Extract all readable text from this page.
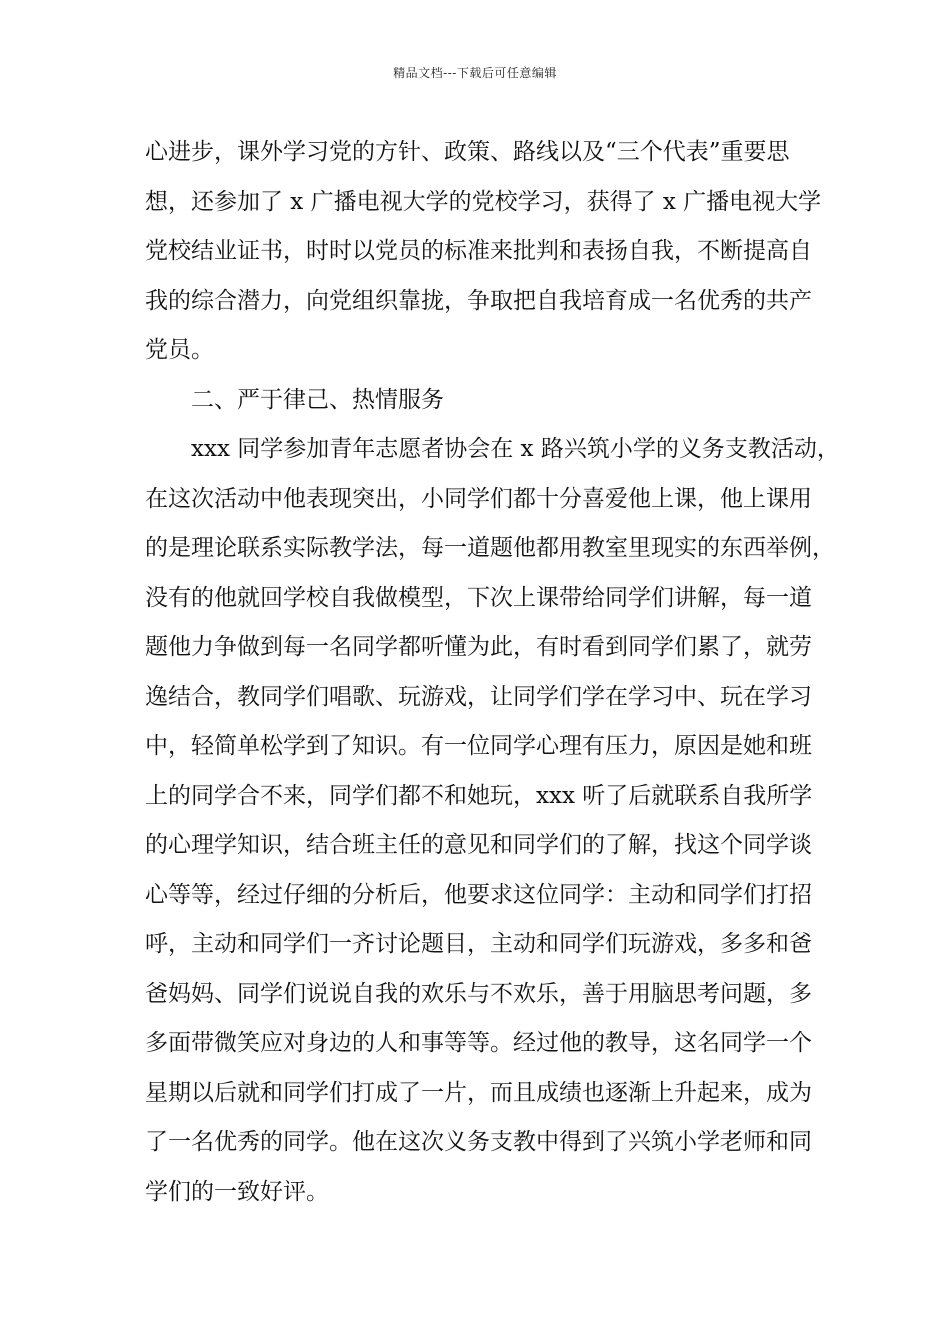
精品文档---下载后可任意编辑
心进步，课外学习党的方针、政策、路线以及“三个代表”重要思
想，还参加了 x 广播电视大学的党校学习，获得了 x 广播电视大学
党校结业证书，时时以党员的标准来批判和表扬自我，不断提高自
我的综合潜力，向党组织靠拢，争取把自我培育成一名优秀的共产
党员。
二、严于律己、热情服务
xxx 同学参加青年志愿者协会在 x 路兴筑小学的义务支教活动，
在这次活动中他表现突出，小同学们都十分喜爱他上课，他上课用
的是理论联系实际教学法，每一道题他都用教室里现实的东西举例，
没有的他就回学校自我做模型，下次上课带给同学们讲解，每一道
题他力争做到每一名同学都听懂为此，有时看到同学们累了，就劳
逸结合，教同学们唱歌、玩游戏，让同学们学在学习中、玩在学习
中，轻简单松学到了知识。有一位同学心理有压力，原因是她和班
上的同学合不来，同学们都不和她玩，xxx 听了后就联系自我所学
的心理学知识，结合班主任的意见和同学们的了解，找这个同学谈
心等等，经过仔细的分析后，他要求这位同学：主动和同学们打招
呼，主动和同学们一齐讨论题目，主动和同学们玩游戏，多多和爸
爸妈妈、同学们说说自我的欢乐与不欢乐，善于用脑思考问题，多
多面带微笑应对身边的人和事等等。经过他的教导，这名同学一个
星期以后就和同学们打成了一片，而且成绩也逐渐上升起来，成为
了一名优秀的同学。他在这次义务支教中得到了兴筑小学老师和同
学们的一致好评。
